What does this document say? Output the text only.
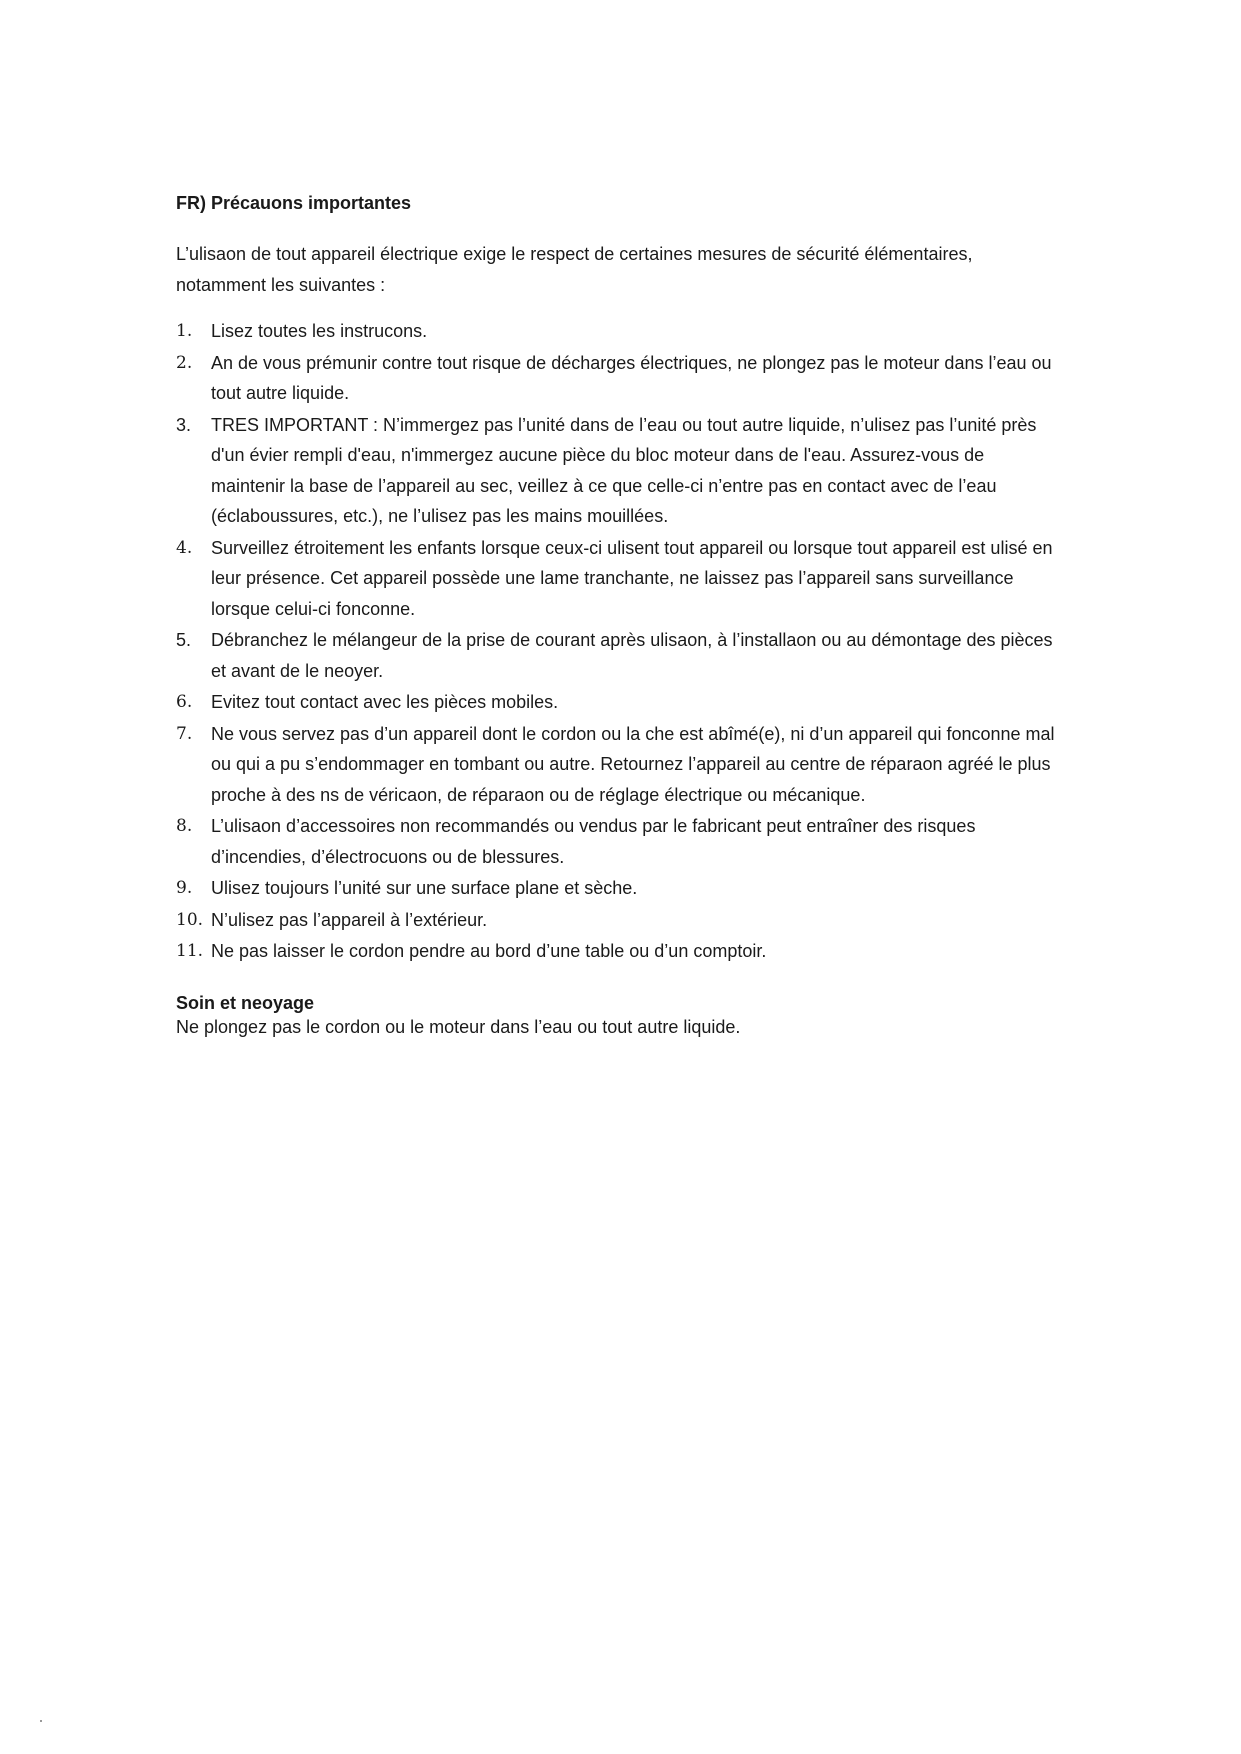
FR) Précauons importantes

L’ulisaon de tout appareil électrique exige le respect de certaines mesures de sécurité élémentaires, notamment les suivantes :

1.	Lisez toutes les instrucons.
2.	An de vous prémunir contre tout risque de décharges électriques, ne plongez pas le moteur dans l’eau ou tout autre liquide.
3.	TRES IMPORTANT : N’immergez pas l’unité dans de l’eau ou tout autre liquide, n’ulisez pas l’unité près d'un évier rempli d'eau, n'immergez aucune pièce du bloc moteur dans de l'eau. Assurez-vous de maintenir la base de l’appareil au sec, veillez à ce que celle-ci n’entre pas en contact avec de l’eau (éclaboussures, etc.), ne l’ulisez pas les mains mouillées.
4.	Surveillez étroitement les enfants lorsque ceux-ci ulisent tout appareil ou lorsque tout appareil est ulisé en leur présence. Cet appareil possède une lame tranchante, ne laissez pas l’appareil sans surveillance lorsque celui-ci fonconne.
5.	Débranchez le mélangeur de la prise de courant après ulisaon, à l’installaon ou au démontage des pièces et avant de le neoyer.
6.	Evitez tout contact avec les pièces mobiles.
7.	Ne vous servez pas d’un appareil dont le cordon ou la che est abîmé(e), ni d’un appareil qui fonconne mal ou qui a pu s’endommager en tombant ou autre. Retournez l’appareil au centre de réparaon agréé le plus proche à des ns de véricaon, de réparaon ou de réglage électrique ou mécanique.
8.	L’ulisaon d’accessoires non recommandés ou vendus par le fabricant peut entraîner des risques d’incendies, d’électrocuons ou de blessures.
9.	Ulisez toujours l’unité sur une surface plane et sèche.
10. N’ulisez pas l’appareil à l’extérieur.
11. Ne pas laisser le cordon pendre au bord d’une table ou d’un comptoir.
Soin et neoyage

Ne plongez pas le cordon ou le moteur dans l’eau ou tout autre liquide.
